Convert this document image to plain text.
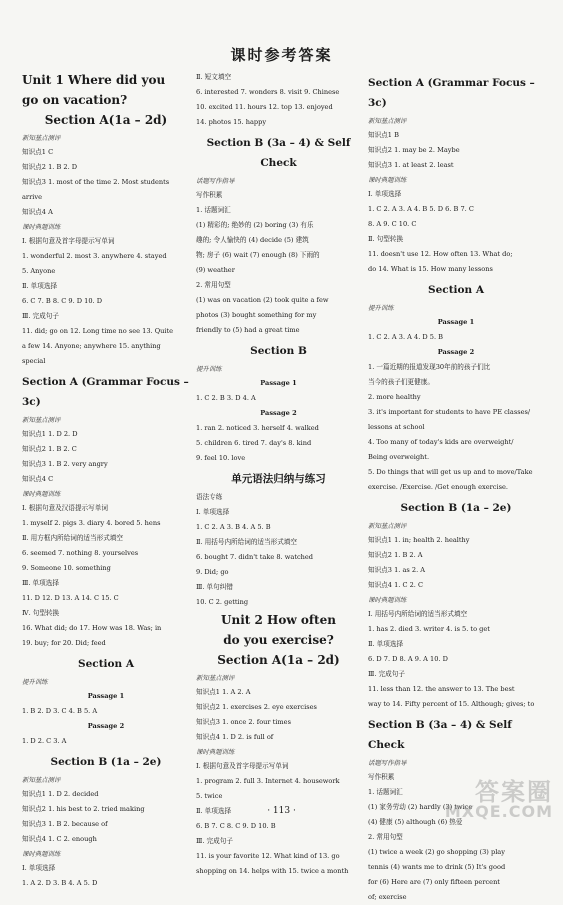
课时参考答案
Unit 1 Where did you
go on vacation?
Section A(1a – 2d)
新知基点测评
知识点1 C
知识点2 1. B 2. D
知识点3 1. most of the time 2. Most students
arrive
知识点4 A
课时典题训练
Ⅰ. 根据句意及首字母提示写单词
1. wonderful 2. most 3. anywhere 4. stayed
5. Anyone
Ⅱ. 单项选择
6. C 7. B 8. C 9. D 10. D
Ⅲ. 完成句子
11. did; go on 12. Long time no see 13. Quite
a few 14. Anyone; anywhere 15. anything
special
Section A (Grammar Focus – 3c)
新知基点测评
知识点1 1. D 2. D
知识点2 1. B 2. C
知识点3 1. B 2. very angry
知识点4 C
课时典题训练
Ⅰ. 根据句意及汉语提示写单词
1. myself 2. pigs 3. diary 4. bored 5. hens
Ⅱ. 用方框内所给词的适当形式填空
6. seemed 7. nothing 8. yourselves
9. Someone 10. something
Ⅲ. 单项选择
11. D 12. D 13. A 14. C 15. C
Ⅳ. 句型转换
16. What did; do 17. How was 18. Was; in
19. buy; for 20. Did; feed
Section A
提升训练
Passage 1
1. B 2. D 3. C 4. B 5. A
Passage 2
1. D 2. C 3. A
Section B (1a – 2e)
新知基点测评
知识点1 1. D 2. decided
知识点2 1. his best to 2. tried making
知识点3 1. B 2. because of
知识点4 1. C 2. enough
课时典题训练
Ⅰ. 单项选择
1. A 2. D 3. B 4. A 5. D
Ⅱ. 短文填空
6. interested 7. wonders 8. visit 9. Chinese
10. excited 11. hours 12. top 13. enjoyed
14. photos 15. happy
Section B (3a – 4) & Self Check
话题写作指导
写作积累
1. 话题词汇
(1) 精彩的; 绝妙的 (2) boring (3) 有乐
趣的; 令人愉快的 (4) decide (5) 建筑
物; 房子 (6) wait (7) enough (8) 下雨的
(9) weather
2. 常用句型
(1) was on vacation (2) took quite a few
photos (3) bought something for my
friendly to (5) had a great time
Section B
提升训练
Passage 1
1. C 2. B 3. D 4. A
Passage 2
1. ran 2. noticed 3. herself 4. walked
5. children 6. tired 7. day's 8. kind
9. feel 10. love
单元语法归纳与练习
语法专练
Ⅰ. 单项选择
1. C 2. A 3. B 4. A 5. B
Ⅱ. 用括号内所给词的适当形式填空
6. bought 7. didn't take 8. watched
9. Did; go
Ⅲ. 单句纠错
10. C 2. getting
Unit 2 How often
do you exercise?
Section A(1a – 2d)
新知基点测评
知识点1 1. A 2. A
知识点2 1. exercises 2. eye exercises
知识点3 1. once 2. four times
知识点4 1. D 2. is full of
课时典题训练
Ⅰ. 根据句意及首字母提示写单词
1. program 2. full 3. Internet 4. housework
5. twice
Ⅱ. 单项选择
6. B 7. C 8. C 9. D 10. B
Ⅲ. 完成句子
11. is your favorite 12. What kind of 13. go
shopping on 14. helps with 15. twice a month
Section A (Grammar Focus – 3c)
新知基点测评
知识点1 B
知识点2 1. may be 2. Maybe
知识点3 1. at least 2. least
课时典题训练
Ⅰ. 单项选择
1. C 2. A 3. A 4. B 5. D 6. B 7. C
8. A 9. C 10. C
Ⅱ. 句型转换
11. doesn't use 12. How often 13. What do;
do 14. What is 15. How many lessons
Section A
提升训练
Passage 1
1. C 2. A 3. A 4. D 5. B
Passage 2
1. 一篇近期的报道发现30年前的孩子们比
当今的孩子们更健康。
2. more healthy
3. it's important for students to have PE classes/
lessons at school
4. Too many of today's kids are overweight/
Being overweight.
5. Do things that will get us up and to move/Take
exercise. /Exercise. /Get enough exercise.
Section B (1a – 2e)
新知基点测评
知识点1 1. in; health 2. healthy
知识点2 1. B 2. A
知识点3 1. as 2. A
知识点4 1. C 2. C
课时典题训练
Ⅰ. 用括号内所给词的适当形式填空
1. has 2. died 3. writer 4. is 5. to get
Ⅱ. 单项选择
6. D 7. D 8. A 9. A 10. D
Ⅲ. 完成句子
11. less than 12. the answer to 13. The best
way to 14. Fifty percent of 15. Although; gives; to
Section B (3a – 4) & Self Check
话题写作指导
写作积累
1. 话题词汇
(1) 家务劳动 (2) hardly (3) twice
(4) 健康 (5) although (6) 热爱
2. 常用句型
(1) twice a week (2) go shopping (3) play
tennis (4) wants me to drink (5) It's good
for (6) Here are (7) only fifteen percent
of; exercise
· 113 ·
答案圈
MXQE.COM
